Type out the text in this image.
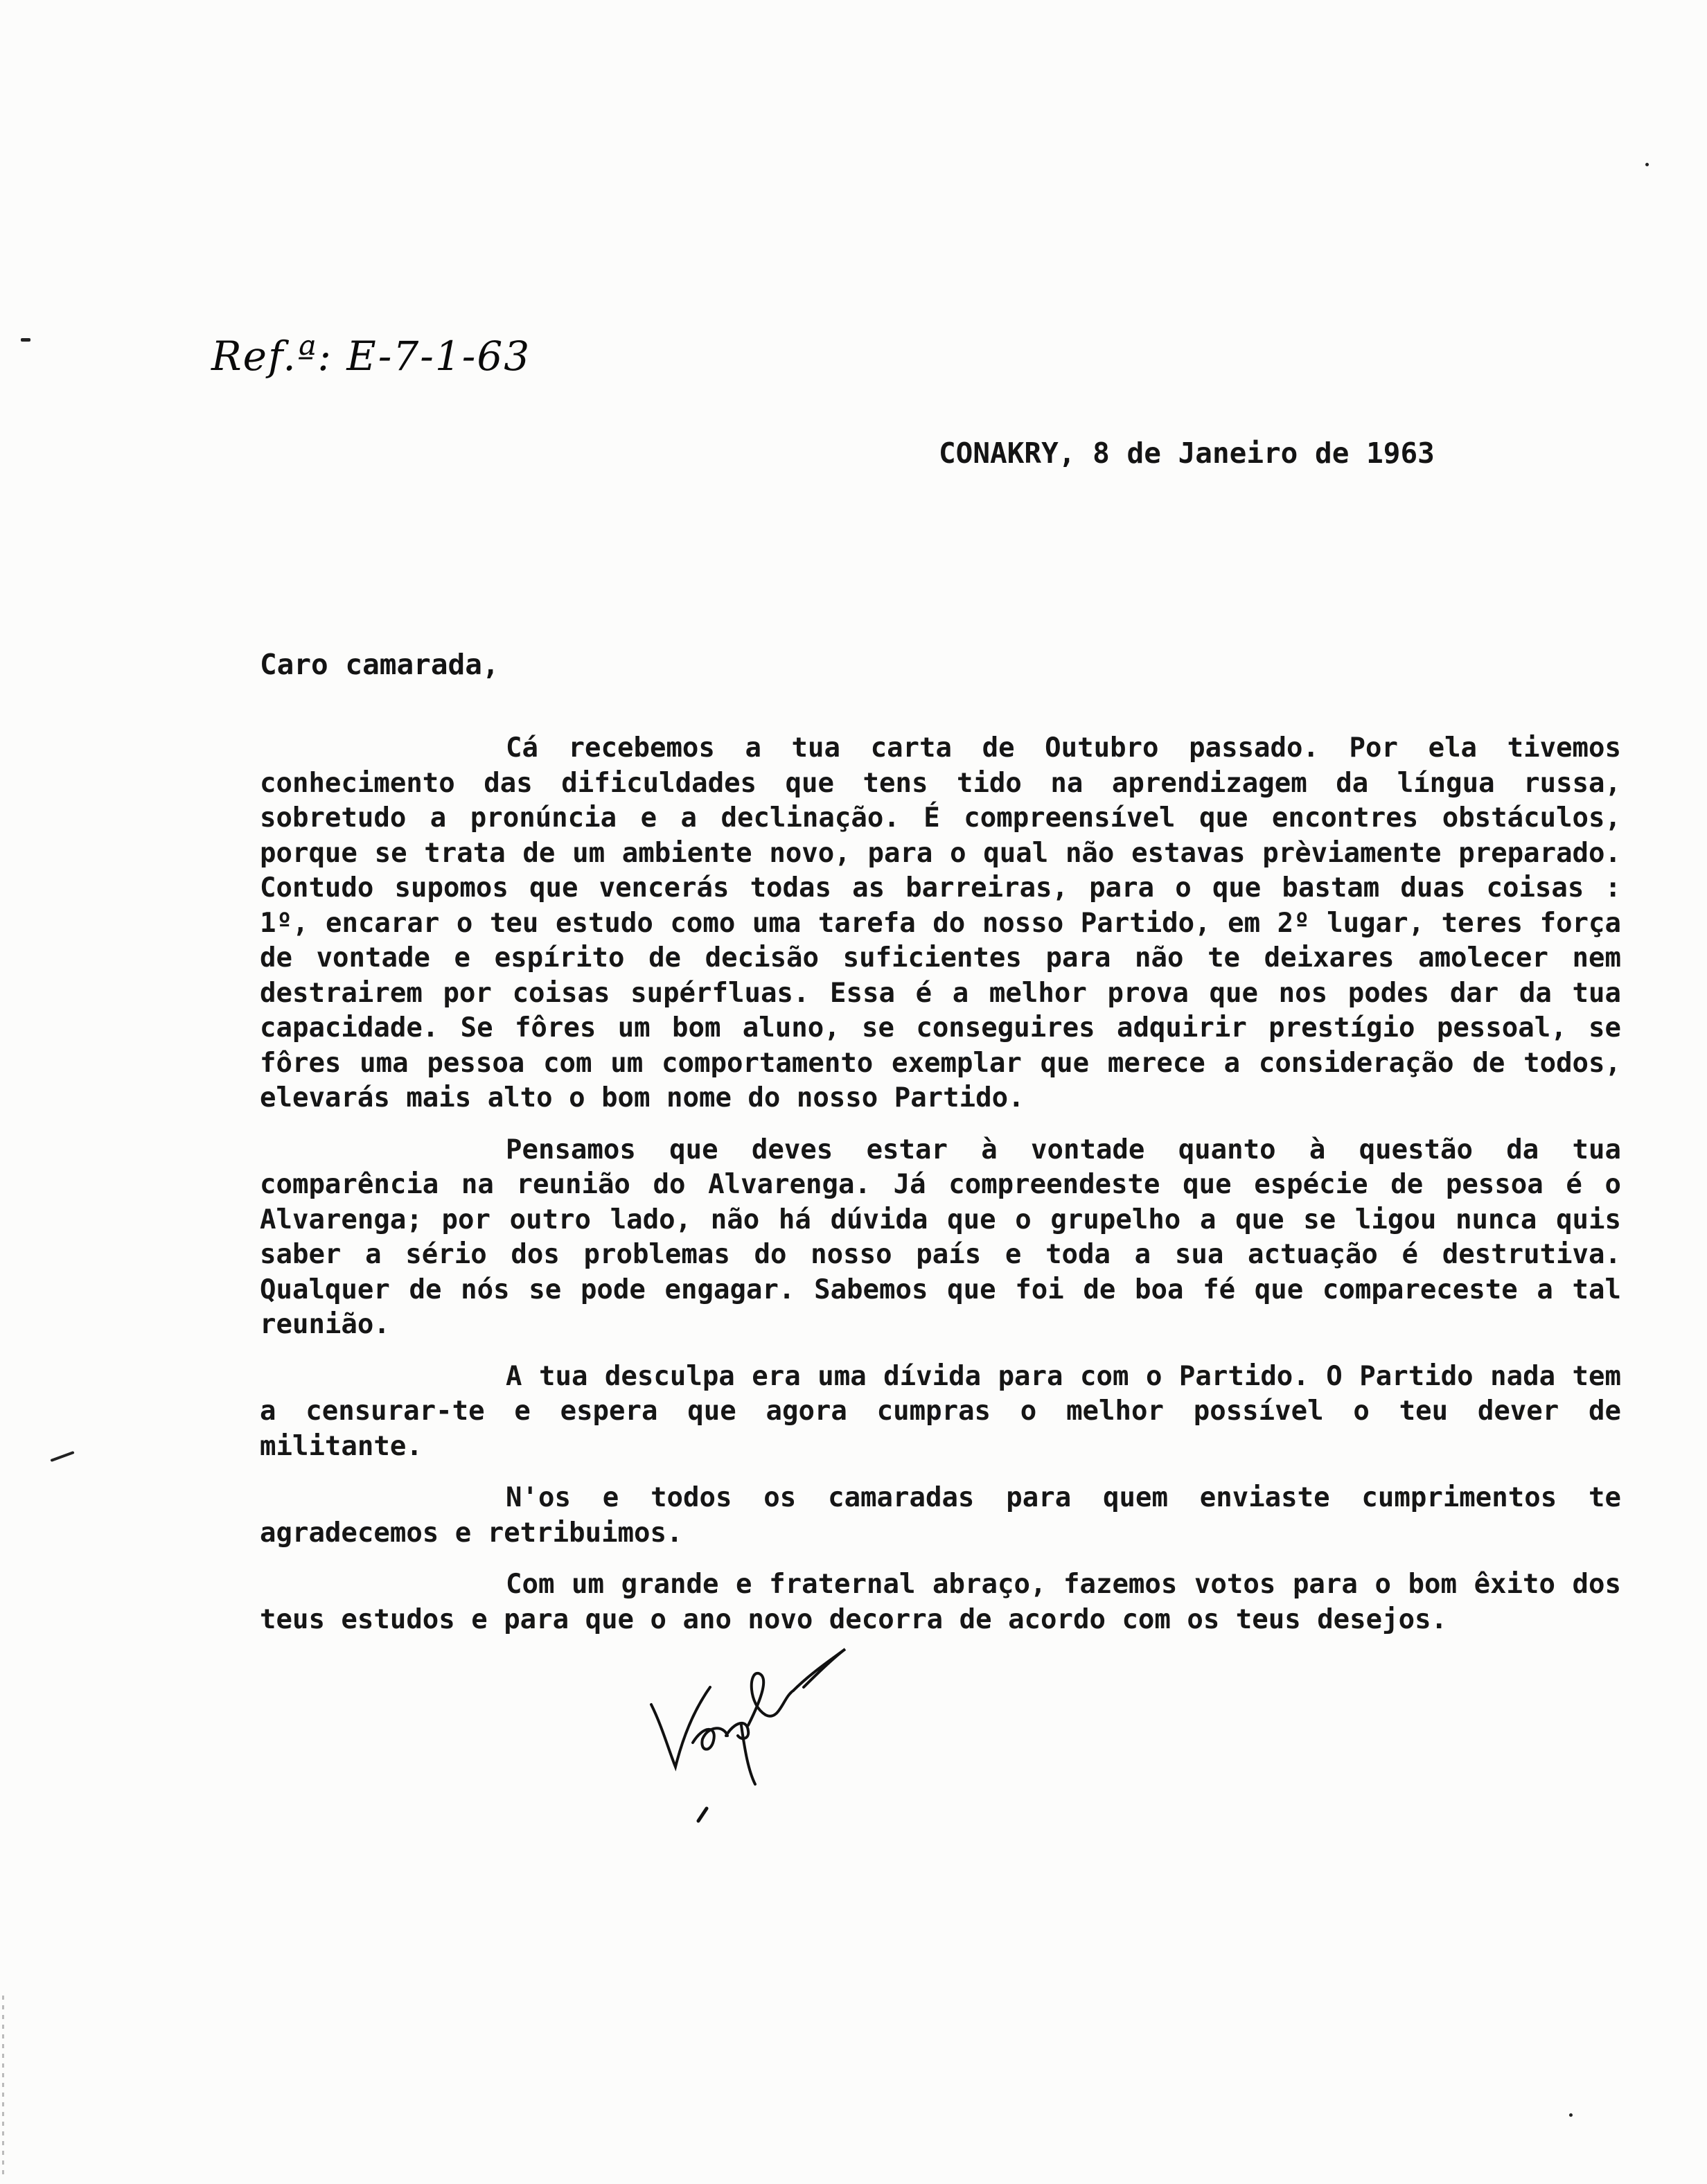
Ref.ª: E-7-1-63
CONAKRY, 8 de Janeiro de 1963
Caro camarada,

Cá recebemos a tua carta de Outubro passado. Por ela tivemos conhecimento das dificuldades que tens tido na aprendizagem da língua russa, sobretudo a pronúncia e a declinação. É compreensível que encontres obstáculos, porque se trata de um ambiente novo, para o qual não estavas prèviamente preparado. Contudo supomos que vencerás todas as barreiras, para o que bastam duas coisas : 1º, encarar o teu estudo como uma tarefa do nosso Partido, em 2º lugar, teres força de vontade e espírito de decisão suficientes para não te deixares amolecer nem destrairem por coisas supérfluas. Essa é a melhor prova que nos podes dar da tua capacidade. Se fôres um bom aluno, se conseguires adquirir prestígio pessoal, se fôres uma pessoa com um comportamento exemplar que merece a consideração de todos, elevarás mais alto o bom nome do nosso Partido.

Pensamos que deves estar à vontade quanto à questão da tua comparência na reunião do Alvarenga. Já compreendeste que espécie de pessoa é o Alvarenga; por outro lado, não há dúvida que o grupelho a que se ligou nunca quis saber a sério dos problemas do nosso país e toda a sua actuação é destrutiva. Qualquer de nós se pode engagar. Sabemos que foi de boa fé que compareceste a tal reunião.

A tua desculpa era uma dívida para com o Partido. O Partido nada tem a censurar-te e espera que agora cumpras o melhor possível o teu dever de militante.

N'os e todos os camaradas para quem enviaste cumprimentos te agradecemos e retribuimos.

Com um grande e fraternal abraço, fazemos votos para o bom êxito dos teus estudos e para que o ano novo decorra de acordo com os teus desejos.
